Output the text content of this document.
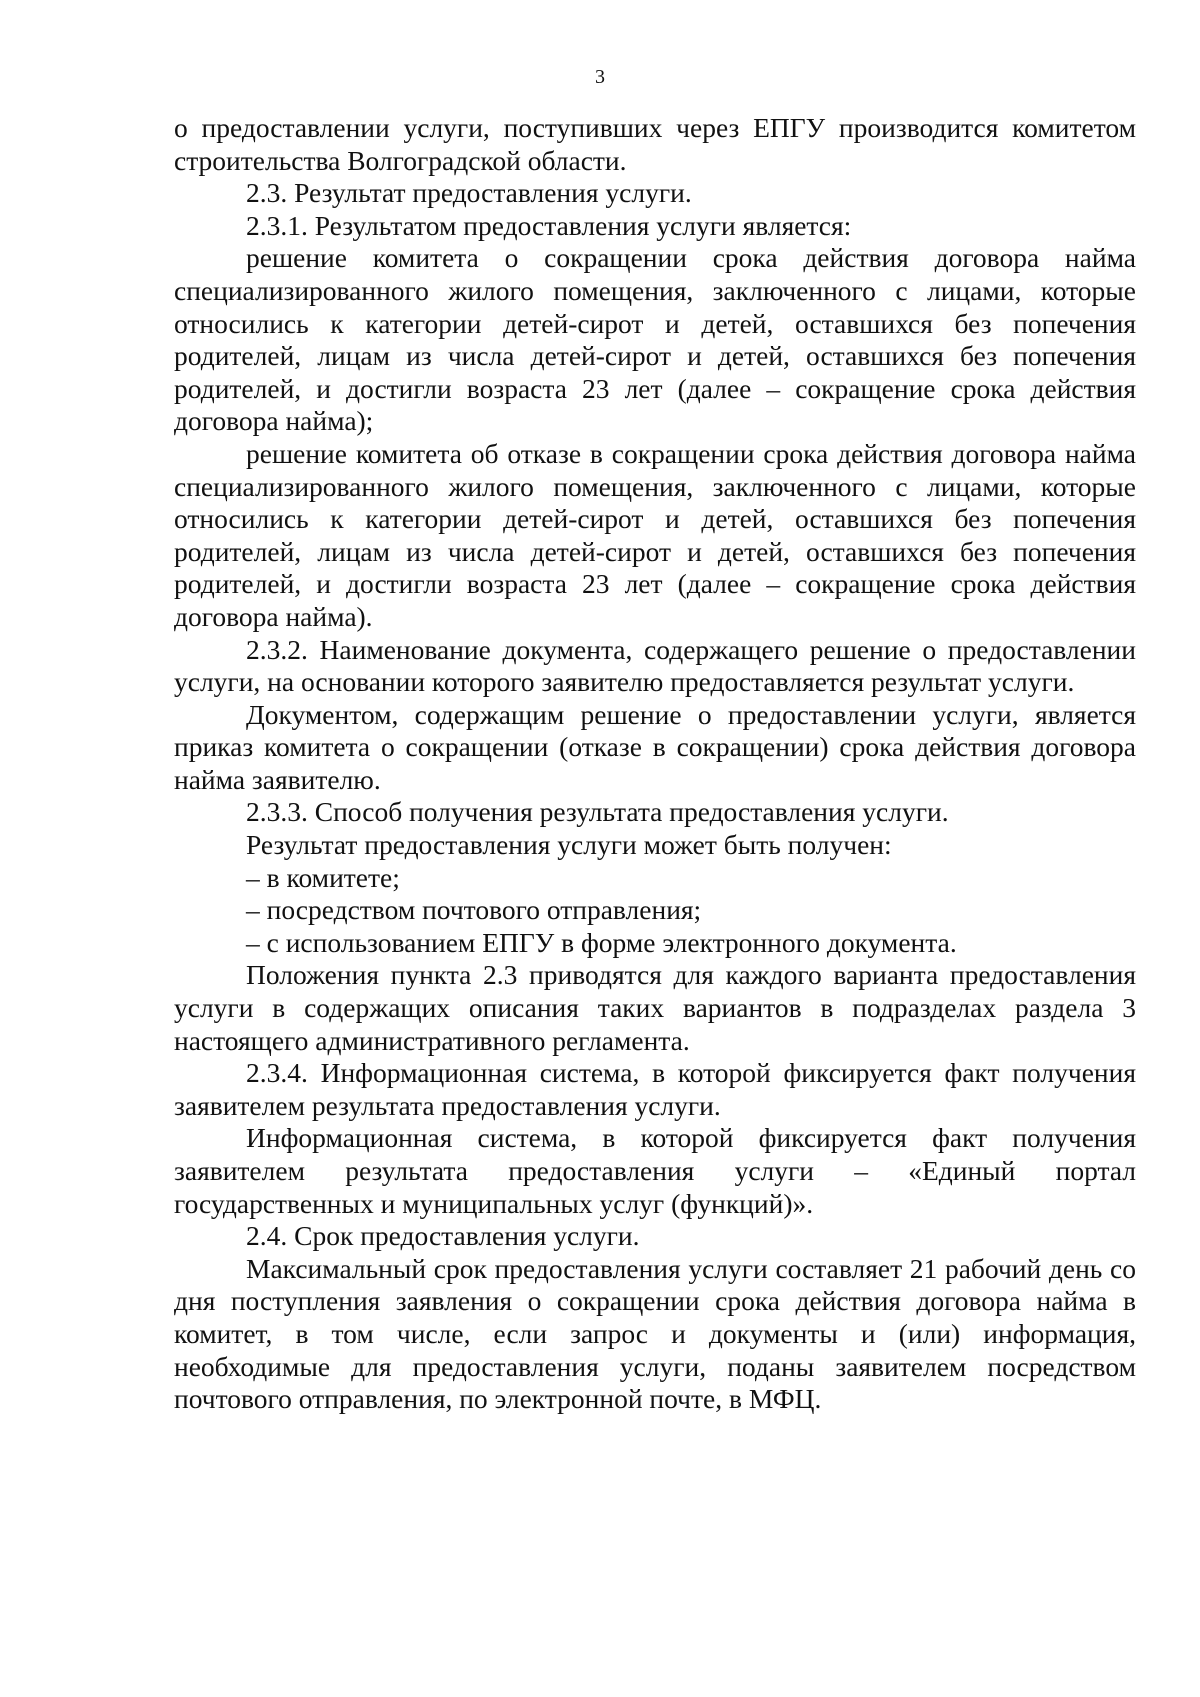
3

о предоставлении услуги, поступивших через ЕПГУ производится комитетом строительства Волгоградской области.

2.3. Результат предоставления услуги.

2.3.1. Результатом предоставления услуги является:

решение комитета о сокращении срока действия договора найма специализированного жилого помещения, заключенного с лицами, которые относились к категории детей-сирот и детей, оставшихся без попечения родителей, лицам из числа детей-сирот и детей, оставшихся без попечения родителей, и достигли возраста 23 лет (далее – сокращение срока действия договора найма);

решение комитета об отказе в сокращении срока действия договора найма специализированного жилого помещения, заключенного с лицами, которые относились к категории детей-сирот и детей, оставшихся без попечения родителей, лицам из числа детей-сирот и детей, оставшихся без попечения родителей, и достигли возраста 23 лет (далее – сокращение срока действия договора найма).

2.3.2. Наименование документа, содержащего решение о предоставлении услуги, на основании которого заявителю предоставляется результат услуги.

Документом, содержащим решение о предоставлении услуги, является приказ комитета о сокращении (отказе в сокращении) срока действия договора найма заявителю.

2.3.3. Способ получения результата предоставления услуги.

Результат предоставления услуги может быть получен:

– в комитете;

– посредством почтового отправления;

– с использованием ЕПГУ в форме электронного документа.

Положения пункта 2.3 приводятся для каждого варианта предоставления услуги в содержащих описания таких вариантов в подразделах раздела 3 настоящего административного регламента.

2.3.4. Информационная система, в которой фиксируется факт получения заявителем результата предоставления услуги.

Информационная система, в которой фиксируется факт получения заявителем результата предоставления услуги – «Единый портал государственных и муниципальных услуг (функций)».

2.4. Срок предоставления услуги.

Максимальный срок предоставления услуги составляет 21 рабочий день со дня поступления заявления о сокращении срока действия договора найма в комитет, в том числе, если запрос и документы и (или) информация, необходимые для предоставления услуги, поданы заявителем посредством почтового отправления, по электронной почте, в МФЦ.
